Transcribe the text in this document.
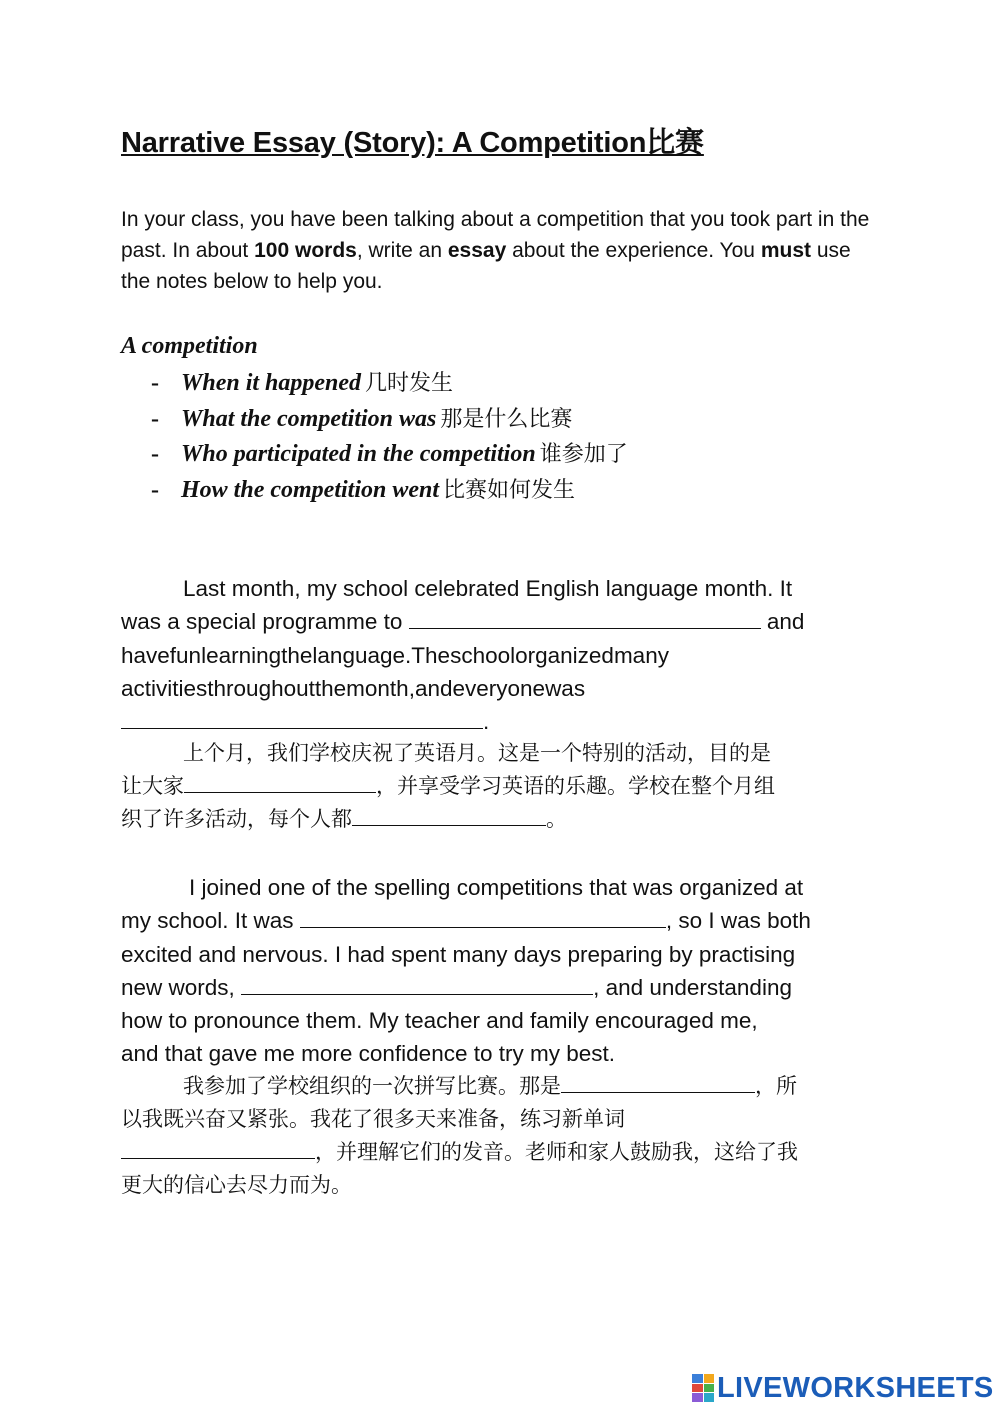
Narrative Essay (Story): A Competition比赛
In your class, you have been talking about a competition that you took part in the past. In about 100 words, write an essay about the experience. You must use the notes below to help you.
A competition
- When it happened 几时发生
- What the competition was 那是什么比赛
- Who participated in the competition 谁参加了
- How the competition went 比赛如何发生
Last month, my school celebrated English language month. It
was a special programme to	and
havefunlearningthelanguage.Theschoolorganizedmany
activitiesthroughoutthemonth,andeveryonewas
.
上个月，我们学校庆祝了英语月。这是一个特别的活动，目的是
让大家	，并享受学习英语的乐趣。学校在整个月组
织了许多活动，每个人都	。
I joined one of the spelling competitions that was organized at
my school. It was	, so I was both
excited and nervous. I had spent many days preparing by practising
new words,	, and understanding
how to pronounce them. My teacher and family encouraged me,
and that gave me more confidence to try my best.
我参加了学校组织的一次拼写比赛。那是	，所
以我既兴奋又紧张。我花了很多天来准备，练习新单词
，并理解它们的发音。老师和家人鼓励我，这给了我
更大的信心去尽力而为。
LIVEWORKSHEETS
